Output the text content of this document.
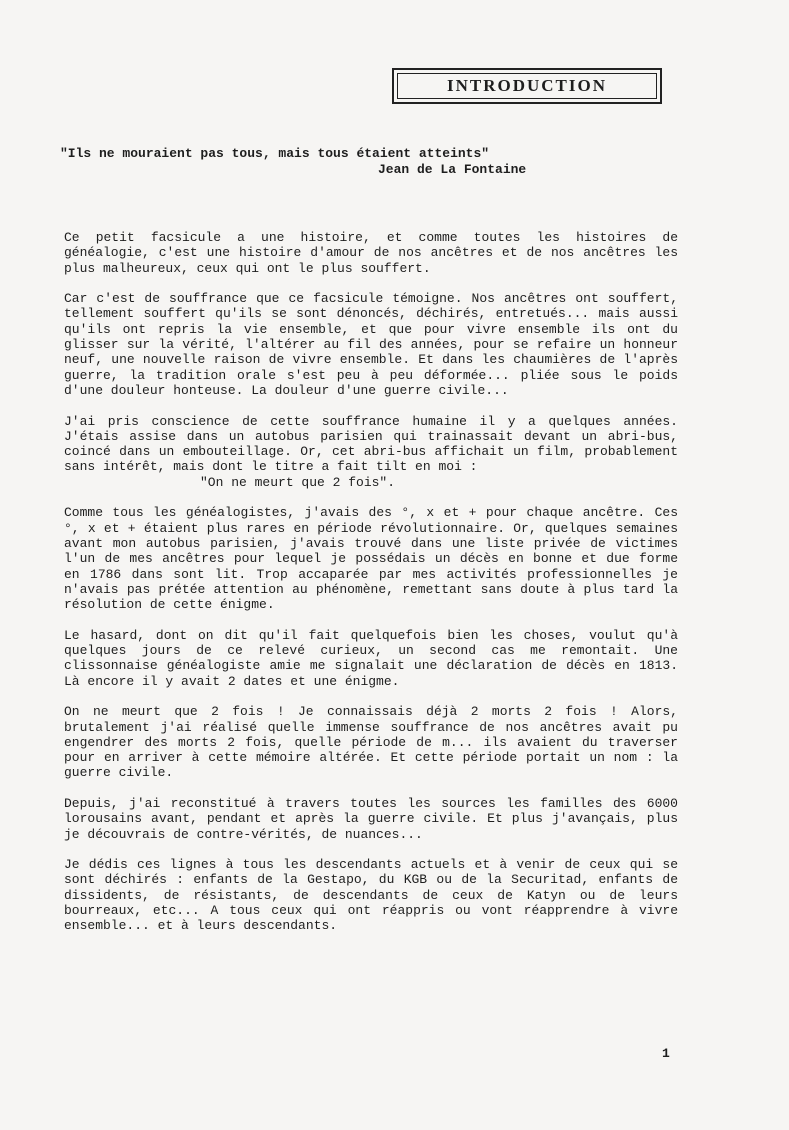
INTRODUCTION
"Ils ne mouraient pas tous, mais tous étaient atteints"
Jean de La Fontaine

Ce petit facsicule a une histoire, et comme toutes les histoires de généalogie, c'est une histoire d'amour de nos ancêtres et de nos ancêtres les plus malheureux, ceux qui ont le plus souffert.

Car c'est de souffrance que ce facsicule témoigne. Nos ancêtres ont souffert, tellement souffert qu'ils se sont dénoncés, déchirés, entretués... mais aussi qu'ils ont repris la vie ensemble, et que pour vivre ensemble ils ont du glisser sur la vérité, l'altérer au fil des années, pour se refaire un honneur neuf, une nouvelle raison de vivre ensemble. Et dans les chaumières de l'après guerre, la tradition orale s'est peu à peu déformée... pliée sous le poids d'une douleur honteuse. La douleur d'une guerre civile...

J'ai pris conscience de cette souffrance humaine il y a quelques années. J'étais assise dans un autobus parisien qui trainassait devant un abri-bus, coincé dans un embouteillage. Or, cet abri-bus affichait un film, probablement sans intérêt, mais dont le titre a fait tilt en moi :
"On ne meurt que 2 fois".

Comme tous les généalogistes, j'avais des °, x et + pour chaque ancêtre. Ces °, x et + étaient plus rares en période révolutionnaire. Or, quelques semaines avant mon autobus parisien, j'avais trouvé dans une liste privée de victimes l'un de mes ancêtres pour lequel je possédais un décès en bonne et due forme en 1786 dans sont lit. Trop accaparée par mes activités professionnelles je n'avais pas prétée attention au phénomène, remettant sans doute à plus tard la résolution de cette énigme.

Le hasard, dont on dit qu'il fait quelquefois bien les choses, voulut qu'à quelques jours de ce relevé curieux, un second cas me remontait. Une clissonnaise généalogiste amie me signalait une déclaration de décès en 1813. Là encore il y avait 2 dates et une énigme.

On ne meurt que 2 fois ! Je connaissais déjà 2 morts 2 fois ! Alors, brutalement j'ai réalisé quelle immense souffrance de nos ancêtres avait pu engendrer des morts 2 fois, quelle période de m... ils avaient du traverser pour en arriver à cette mémoire altérée. Et cette période portait un nom : la guerre civile.

Depuis, j'ai reconstitué à travers toutes les sources les familles des 6000 lorousains avant, pendant et après la guerre civile. Et plus j'avançais, plus je découvrais de contre-vérités, de nuances...

Je dédis ces lignes à tous les descendants actuels et à venir de ceux qui se sont déchirés : enfants de la Gestapo, du KGB ou de la Securitad, enfants de dissidents, de résistants, de descendants de ceux de Katyn ou de leurs bourreaux, etc... A tous ceux qui ont réappris ou vont réapprendre à vivre ensemble... et à leurs descendants.

1
